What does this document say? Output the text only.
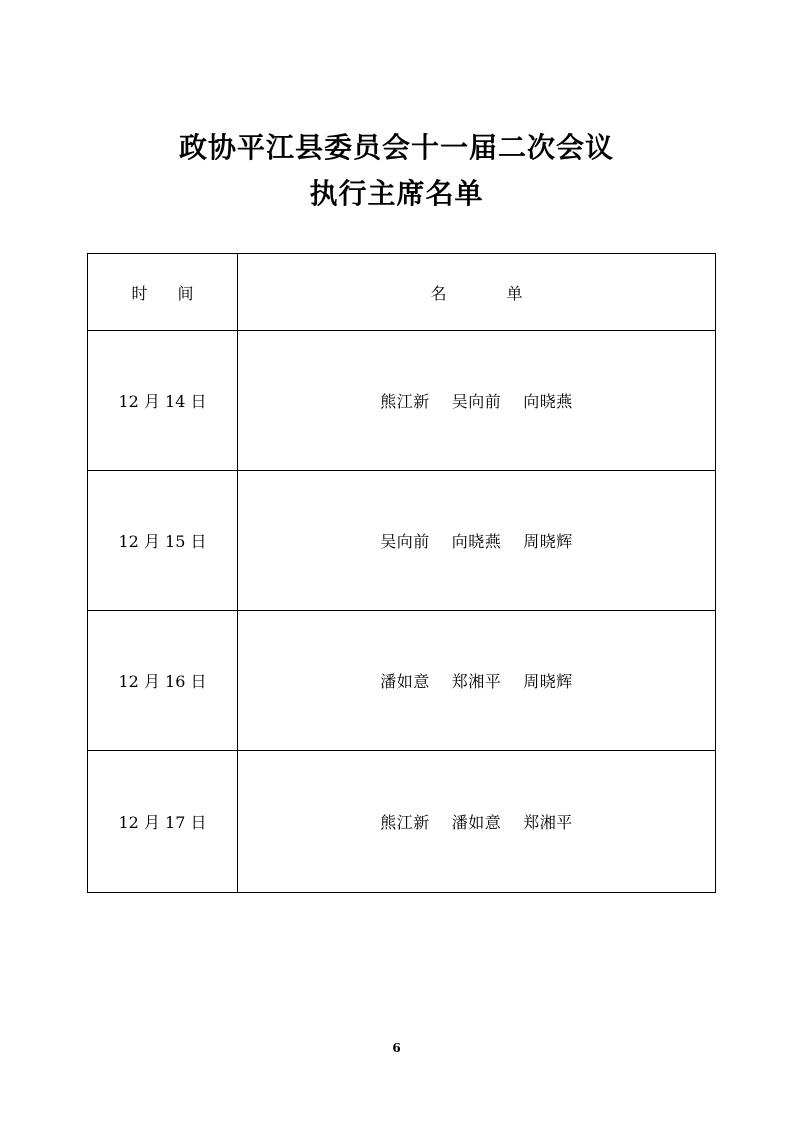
政协平江县委员会十一届二次会议
执行主席名单
时间	名单
12 月 14 日	熊江新 吴向前 向晓燕

12 月 15 日	吴向前 向晓燕 周晓辉

12 月 16 日	潘如意 郑湘平 周晓辉

12 月 17 日	熊江新 潘如意 郑湘平
6
